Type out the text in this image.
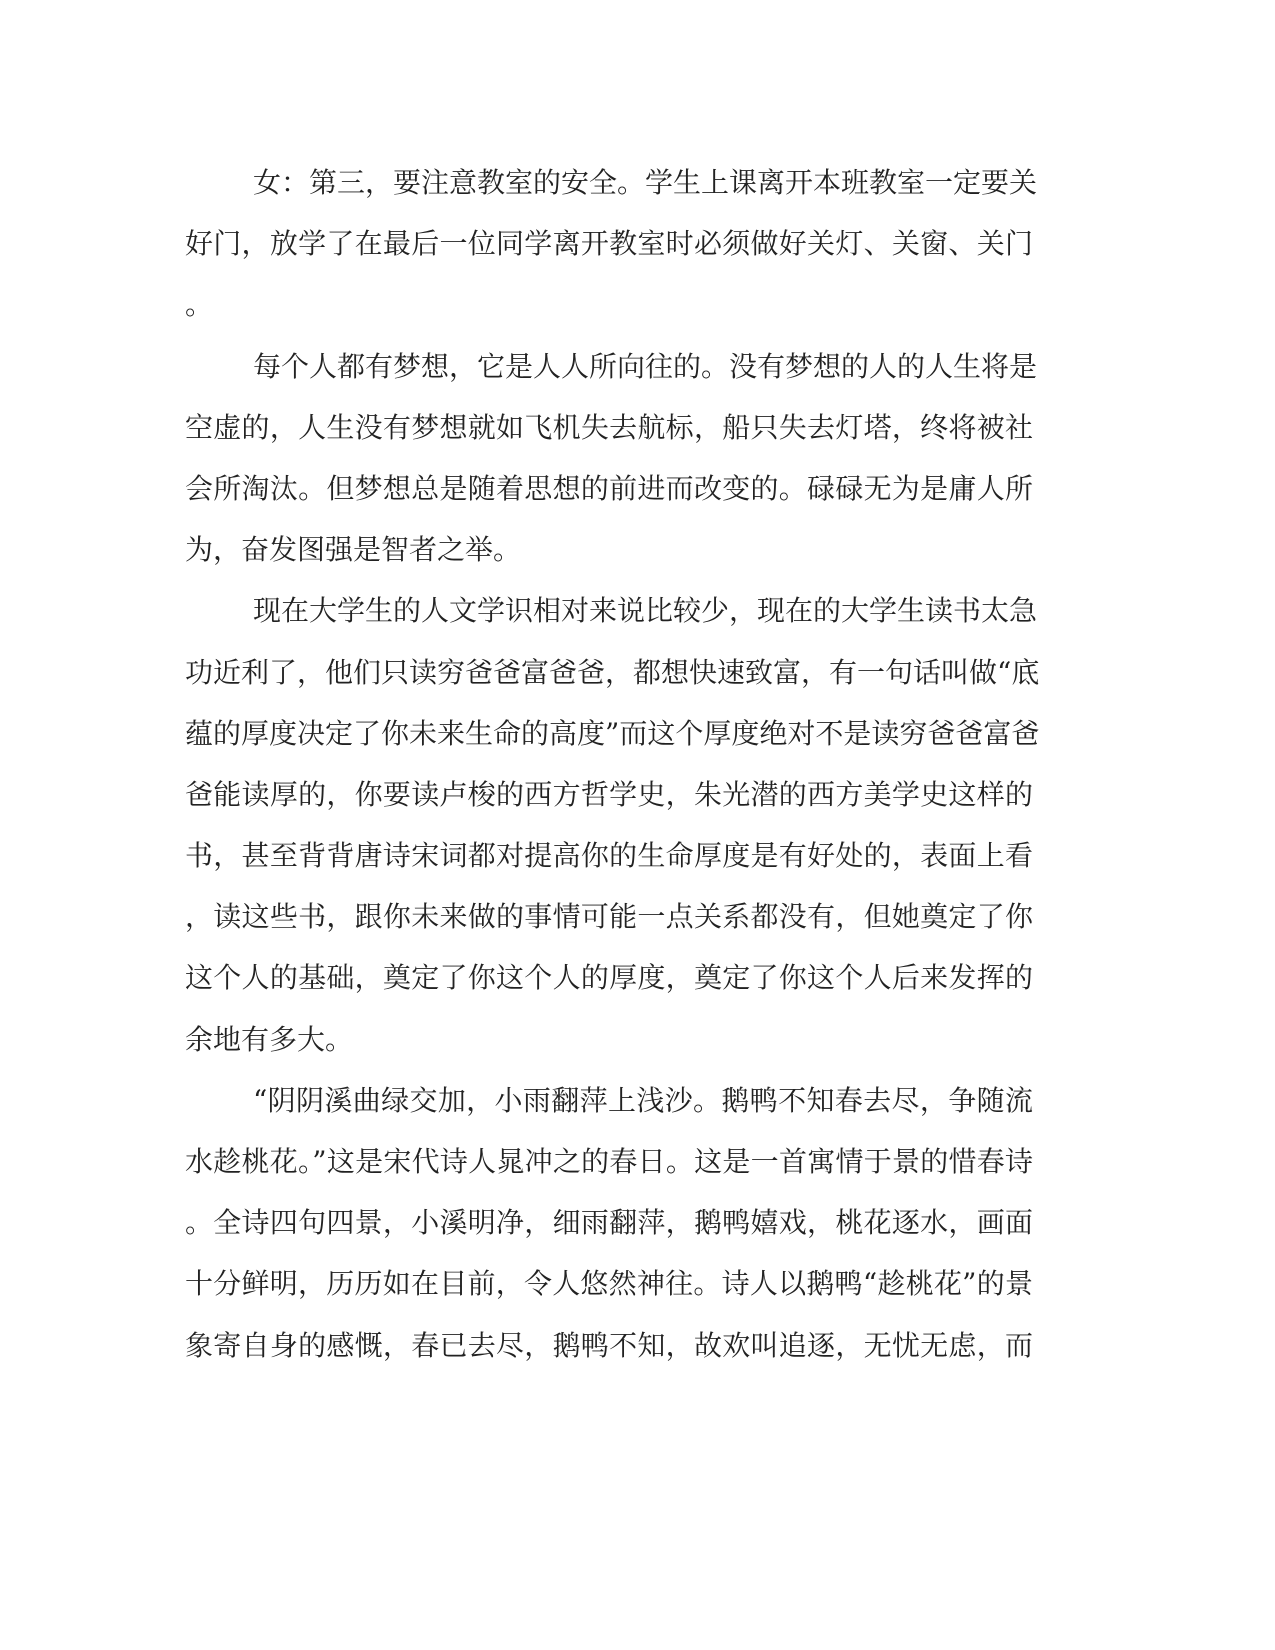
女：第三，要注意教室的安全。学生上课离开本班教室一定要关
好门，放学了在最后一位同学离开教室时必须做好关灯、关窗、关门
。
每个人都有梦想，它是人人所向往的。没有梦想的人的人生将是
空虚的，人生没有梦想就如飞机失去航标，船只失去灯塔，终将被社
会所淘汰。但梦想总是随着思想的前进而改变的。碌碌无为是庸人所
为，奋发图强是智者之举。
现在大学生的人文学识相对来说比较少，现在的大学生读书太急
功近利了，他们只读穷爸爸富爸爸，都想快速致富，有一句话叫做“底
蕴的厚度决定了你未来生命的高度”而这个厚度绝对不是读穷爸爸富爸
爸能读厚的，你要读卢梭的西方哲学史，朱光潜的西方美学史这样的
书，甚至背背唐诗宋词都对提高你的生命厚度是有好处的，表面上看
，读这些书，跟你未来做的事情可能一点关系都没有，但她奠定了你
这个人的基础，奠定了你这个人的厚度，奠定了你这个人后来发挥的
余地有多大。
“阴阴溪曲绿交加，小雨翻萍上浅沙。鹅鸭不知春去尽，争随流
水趁桃花。”这是宋代诗人晁冲之的春日。这是一首寓情于景的惜春诗
。全诗四句四景，小溪明净，细雨翻萍，鹅鸭嬉戏，桃花逐水，画面
十分鲜明，历历如在目前，令人悠然神往。诗人以鹅鸭“趁桃花”的景
象寄自身的感慨，春已去尽，鹅鸭不知，故欢叫追逐，无忧无虑，而
